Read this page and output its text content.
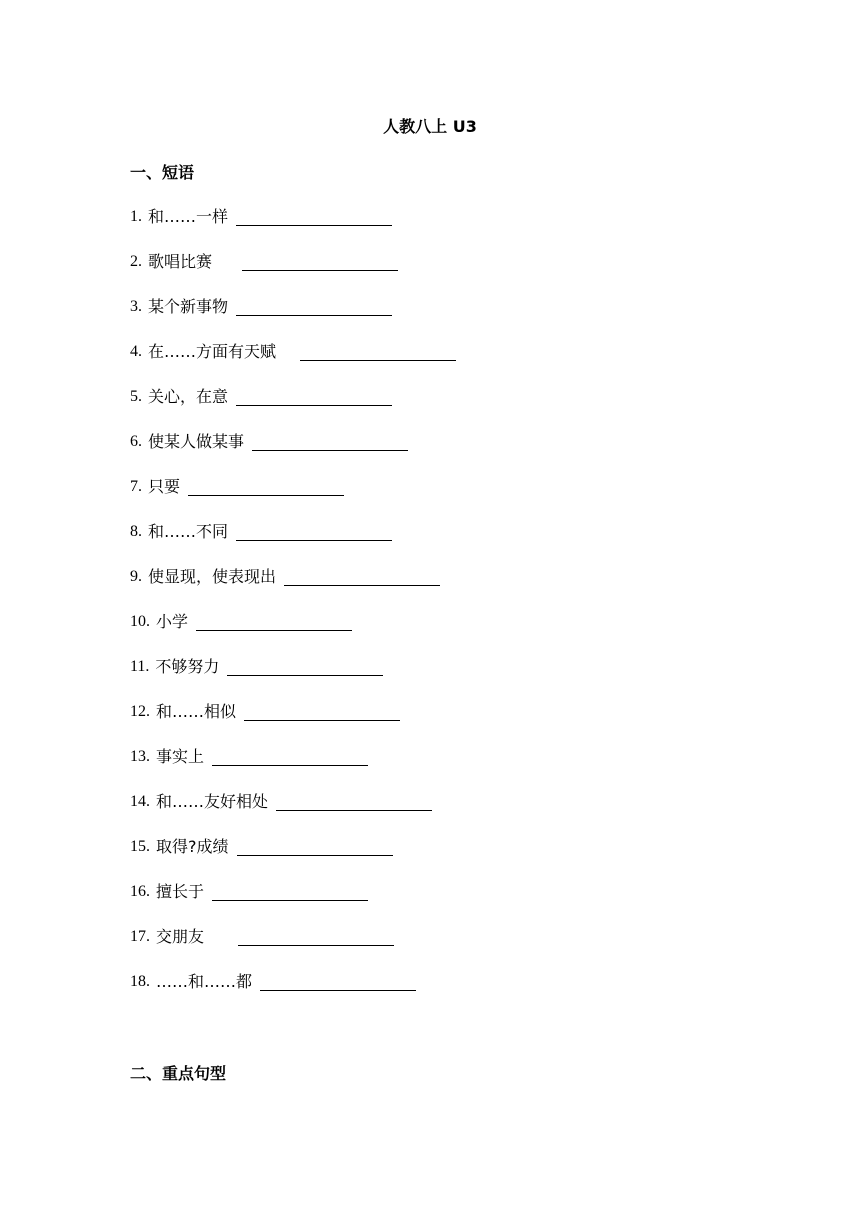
人教八上 U3
一、短语
1. 和……一样
2. 歌唱比赛
3. 某个新事物
4. 在……方面有天赋
5. 关心，在意
6. 使某人做某事
7. 只要
8. 和……不同
9. 使显现，使表现出
10. 小学
11. 不够努力
12. 和……相似
13. 事实上
14. 和……友好相处
15. 取得?成绩
16. 擅长于
17. 交朋友
18. ……和……都
二、重点句型
